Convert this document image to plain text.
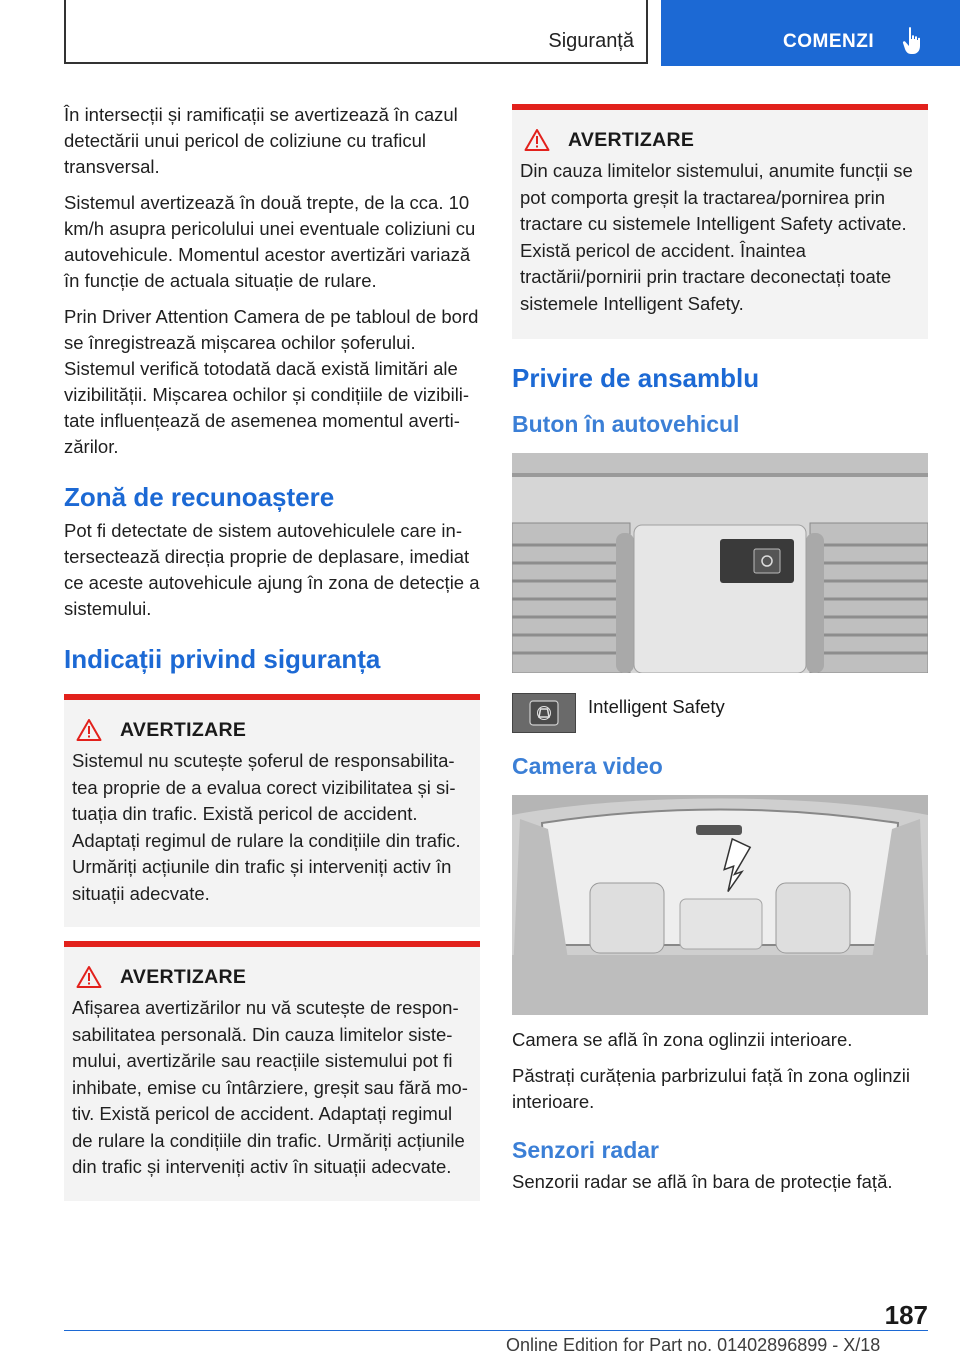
Siguranță	COMENZI

În intersecții și ramificații se avertizează în cazul detectării unui pericol de coliziune cu traficul transversal.

Sistemul avertizează în două trepte, de la cca. 10 km/h asupra pericolului unei eventuale coliziuni cu autovehicule. Momentul acestor avertizări variază în funcție de actuala situație de rulare.

Prin Driver Attention Camera de pe tabloul de bord se înregistrează mișcarea ochilor șoferului. Sistemul verifică totodată dacă există limitări ale vizibilității. Mișcarea ochilor și condițiile de vizibilitate influențează de asemenea momentul avertizărilor.

Zonă de recunoaștere

Pot fi detectate de sistem autovehiculele care intersectează direcția proprie de deplasare, imediat ce aceste autovehicule ajung în zona de detecție a sistemului.

Indicații privind siguranța
AVERTIZARE

Sistemul nu scutește șoferul de responsabilitatea proprie de a evalua corect vizibilitatea și situația din trafic. Există pericol de accident. Adaptați regimul de rulare la condițiile din trafic. Urmăriți acțiunile din trafic și interveniți activ în situații adecvate.

AVERTIZARE

Afișarea avertizărilor nu vă scutește de responsabilitatea personală. Din cauza limitelor sistemului, avertizările sau reacțiile sistemului pot fi inhibate, emise cu întârziere, greșit sau fără motiv. Există pericol de accident. Adaptați regimul de rulare la condițiile din trafic. Urmăriți acțiunile din trafic și interveniți activ în situații adecvate.

AVERTIZARE

Din cauza limitelor sistemului, anumite funcții se pot comporta greșit la tractarea/pornirea prin tractare cu sistemele Intelligent Safety activate. Există pericol de accident. Înaintea tractării/pornirii prin tractare deconectați toate sistemele Intelligent Safety.

Privire de ansamblu
Buton în autovehicul
Intelligent Safety
Camera video

Camera se află în zona oglinzii interioare.

Păstrați curățenia parbrizului față în zona oglinzii interioare.

Senzori radar

Senzorii radar se află în bara de protecție față.

187
Online Edition for Part no. 01402896899 - X/18
